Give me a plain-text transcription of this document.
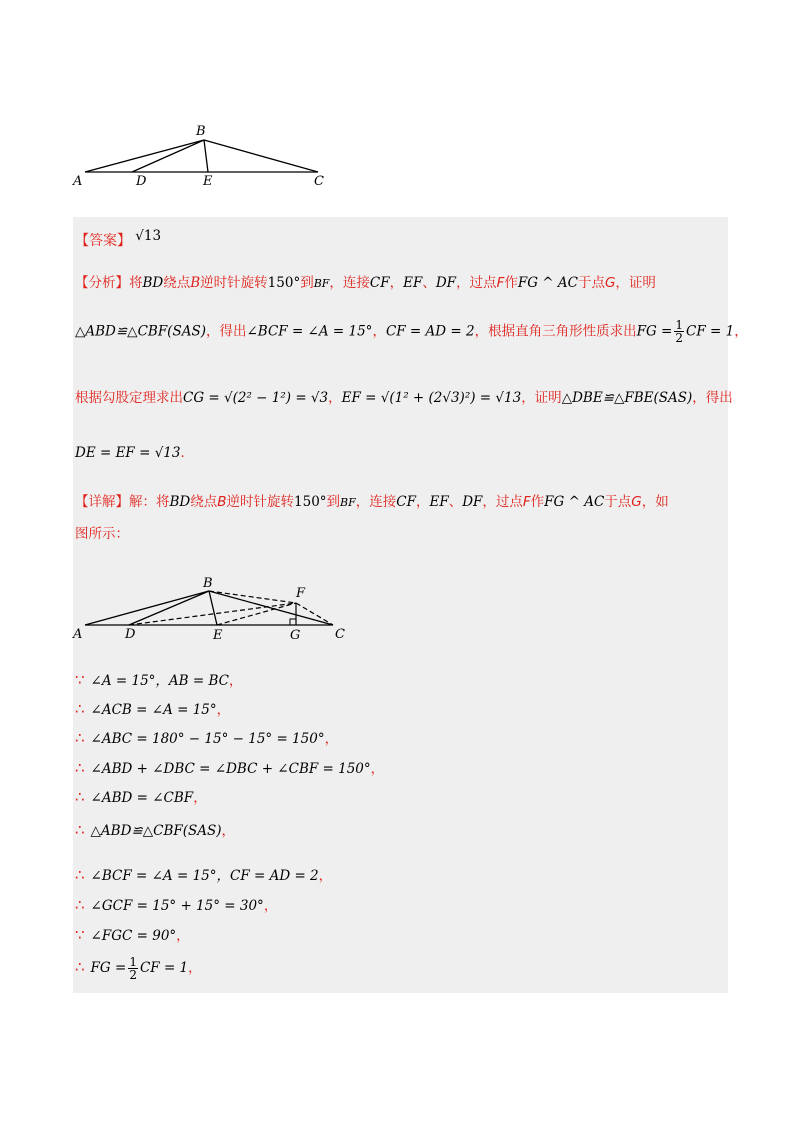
B
A	D	E	C
【答案】 √13
【分析】将BD绕点B逆时针旋转150°到BF，连接CF，EF、DF，过点F作FG ^ AC于点G，证明
△ABD≌△CBF(SAS)，得出∠BCF = ∠A = 15°，CF = AD = 2，根据直角三角形性质求出FG = $\frac{1}{2}$ CF = 1，
根据勾股定理求出CG = √(2² − 1²) = √3，EF = √(1² + (2√3)²) = √13，证明△DBE≌△FBE(SAS)，得出
DE = EF = √13．
【详解】解：将BD绕点B逆时针旋转150°到BF，连接CF，EF、DF，过点F作FG ^ AC于点G，如
图所示：
B
F
A	D	E	G	C
∵ ∠A = 15°，AB = BC，
∴ ∠ACB = ∠A = 15°，
∴ ∠ABC = 180° − 15° − 15° = 150°，
∴ ∠ABD + ∠DBC = ∠DBC + ∠CBF = 150°，
∴ ∠ABD = ∠CBF，
∴ △ABD≌△CBF(SAS)，
∴ ∠BCF = ∠A = 15°，CF = AD = 2，
∴ ∠GCF = 15° + 15° = 30°，
∵ ∠FGC = 90°，
∴ FG = $\frac{1}{2}$ CF = 1，
